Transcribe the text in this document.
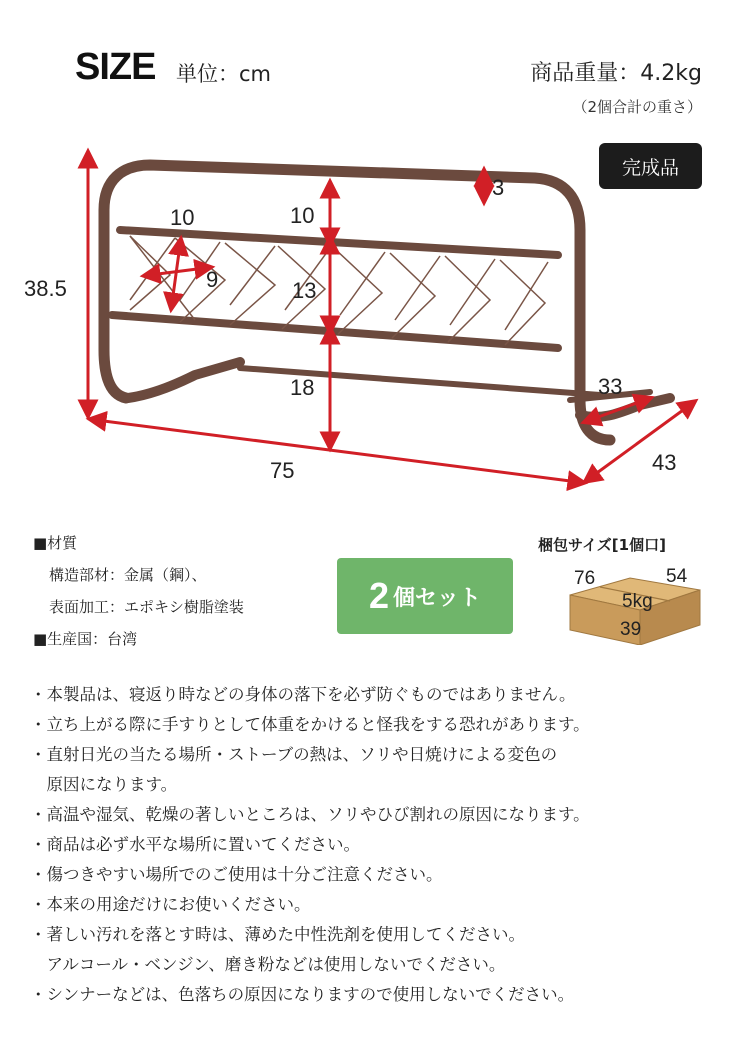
SIZE 単位：cm	商品重量：4.2kg
（2個合計の重さ）
完成品
38.5
75	43
33
3
10
13
18
10
9
■材質
構造部材：金属（鋼）、
表面加工：エポキシ樹脂塗装
■生産国：台湾
2 個セット
梱包サイズ[1個口]
76	54
5kg
39
・本製品は、寝返り時などの身体の落下を必ず防ぐものではありません。
・立ち上がる際に手すりとして体重をかけると怪我をする恐れがあります。
・直射日光の当たる場所・ストーブの熱は、ソリや日焼けによる変色の
　原因になります。
・高温や湿気、乾燥の著しいところは、ソリやひび割れの原因になります。
・商品は必ず水平な場所に置いてください。
・傷つきやすい場所でのご使用は十分ご注意ください。
・本来の用途だけにお使いください。
・著しい汚れを落とす時は、薄めた中性洗剤を使用してください。
　アルコール・ベンジン、磨き粉などは使用しないでください。
・シンナーなどは、色落ちの原因になりますので使用しないでください。
